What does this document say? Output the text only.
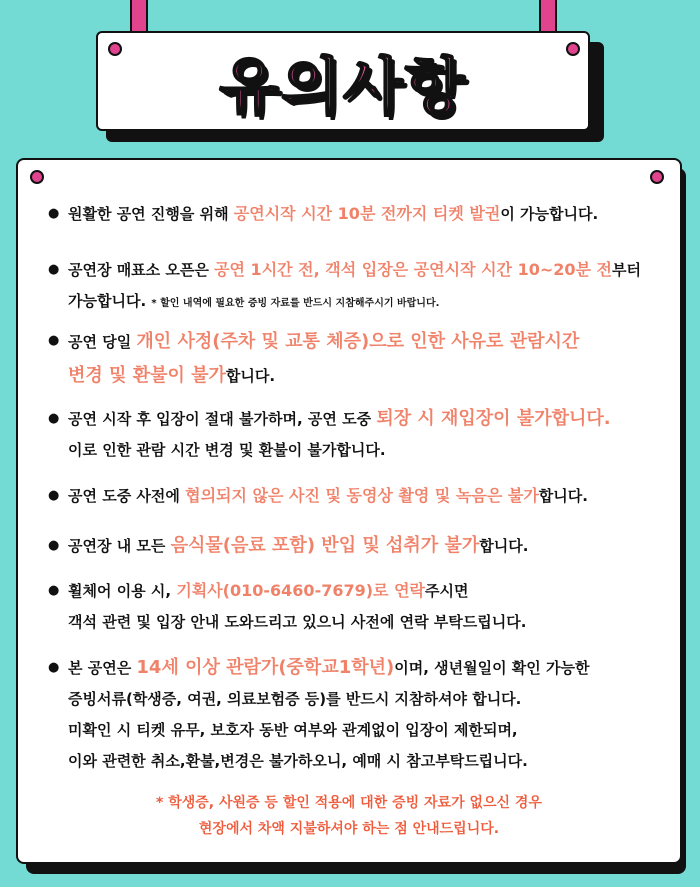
유의사항
● 원활한 공연 진행을 위해 공연시작 시간 10분 전까지 티켓 발권이 가능합니다.
● 공연장 매표소 오픈은 공연 1시간 전, 객석 입장은 공연시작 시간 10~20분 전부터
가능합니다. * 할인 내역에 필요한 증빙 자료를 반드시 지참해주시기 바랍니다.
● 공연 당일 개인 사정(주차 및 교통 체증)으로 인한 사유로 관람시간
변경 및 환불이 불가합니다.
● 공연 시작 후 입장이 절대 불가하며, 공연 도중 퇴장 시 재입장이 불가합니다.
이로 인한 관람 시간 변경 및 환불이 불가합니다.
● 공연 도중 사전에 협의되지 않은 사진 및 동영상 촬영 및 녹음은 불가합니다.
● 공연장 내 모든 음식물(음료 포함) 반입 및 섭취가 불가합니다.
● 휠체어 이용 시, 기획사(010-6460-7679)로 연락주시면
객석 관련 및 입장 안내 도와드리고 있으니 사전에 연락 부탁드립니다.
● 본 공연은 14세 이상 관람가(중학교1학년)이며, 생년월일이 확인 가능한
증빙서류(학생증, 여권, 의료보험증 등)를 반드시 지참하셔야 합니다.
미확인 시 티켓 유무, 보호자 동반 여부와 관계없이 입장이 제한되며,
이와 관련한 취소,환불,변경은 불가하오니, 예매 시 참고부탁드립니다.
* 학생증, 사원증 등 할인 적용에 대한 증빙 자료가 없으신 경우
현장에서 차액 지불하셔야 하는 점 안내드립니다.
